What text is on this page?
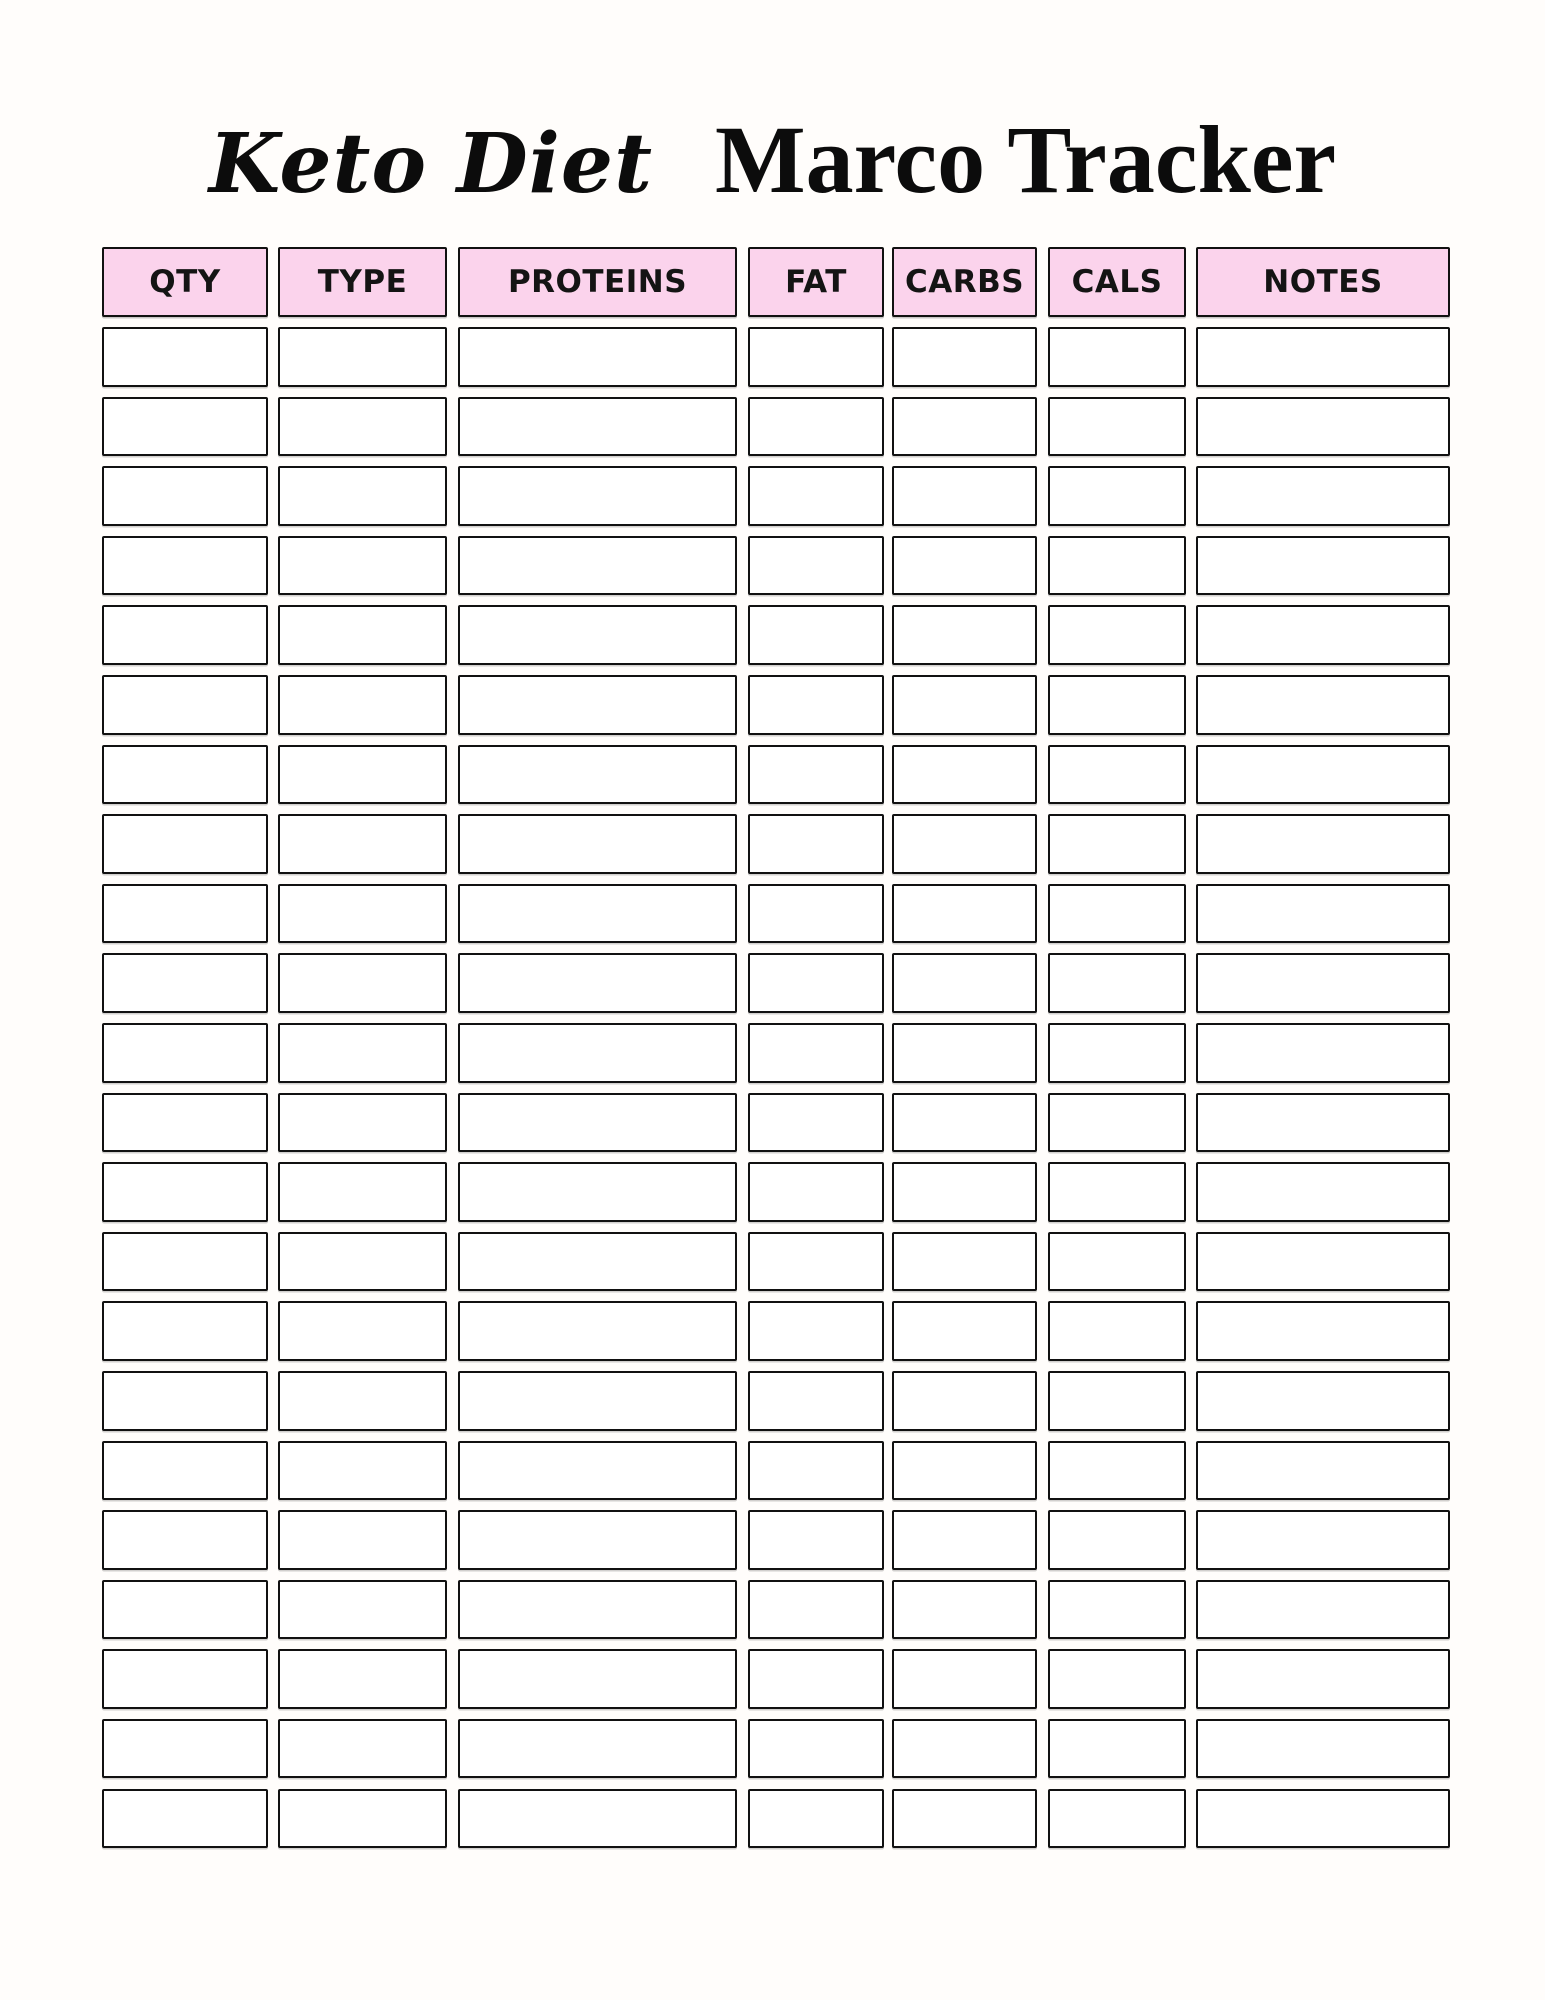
Keto Diet Marco Tracker
QTY	TYPE	PROTEINS	FAT	CARBS	CALS	NOTES
